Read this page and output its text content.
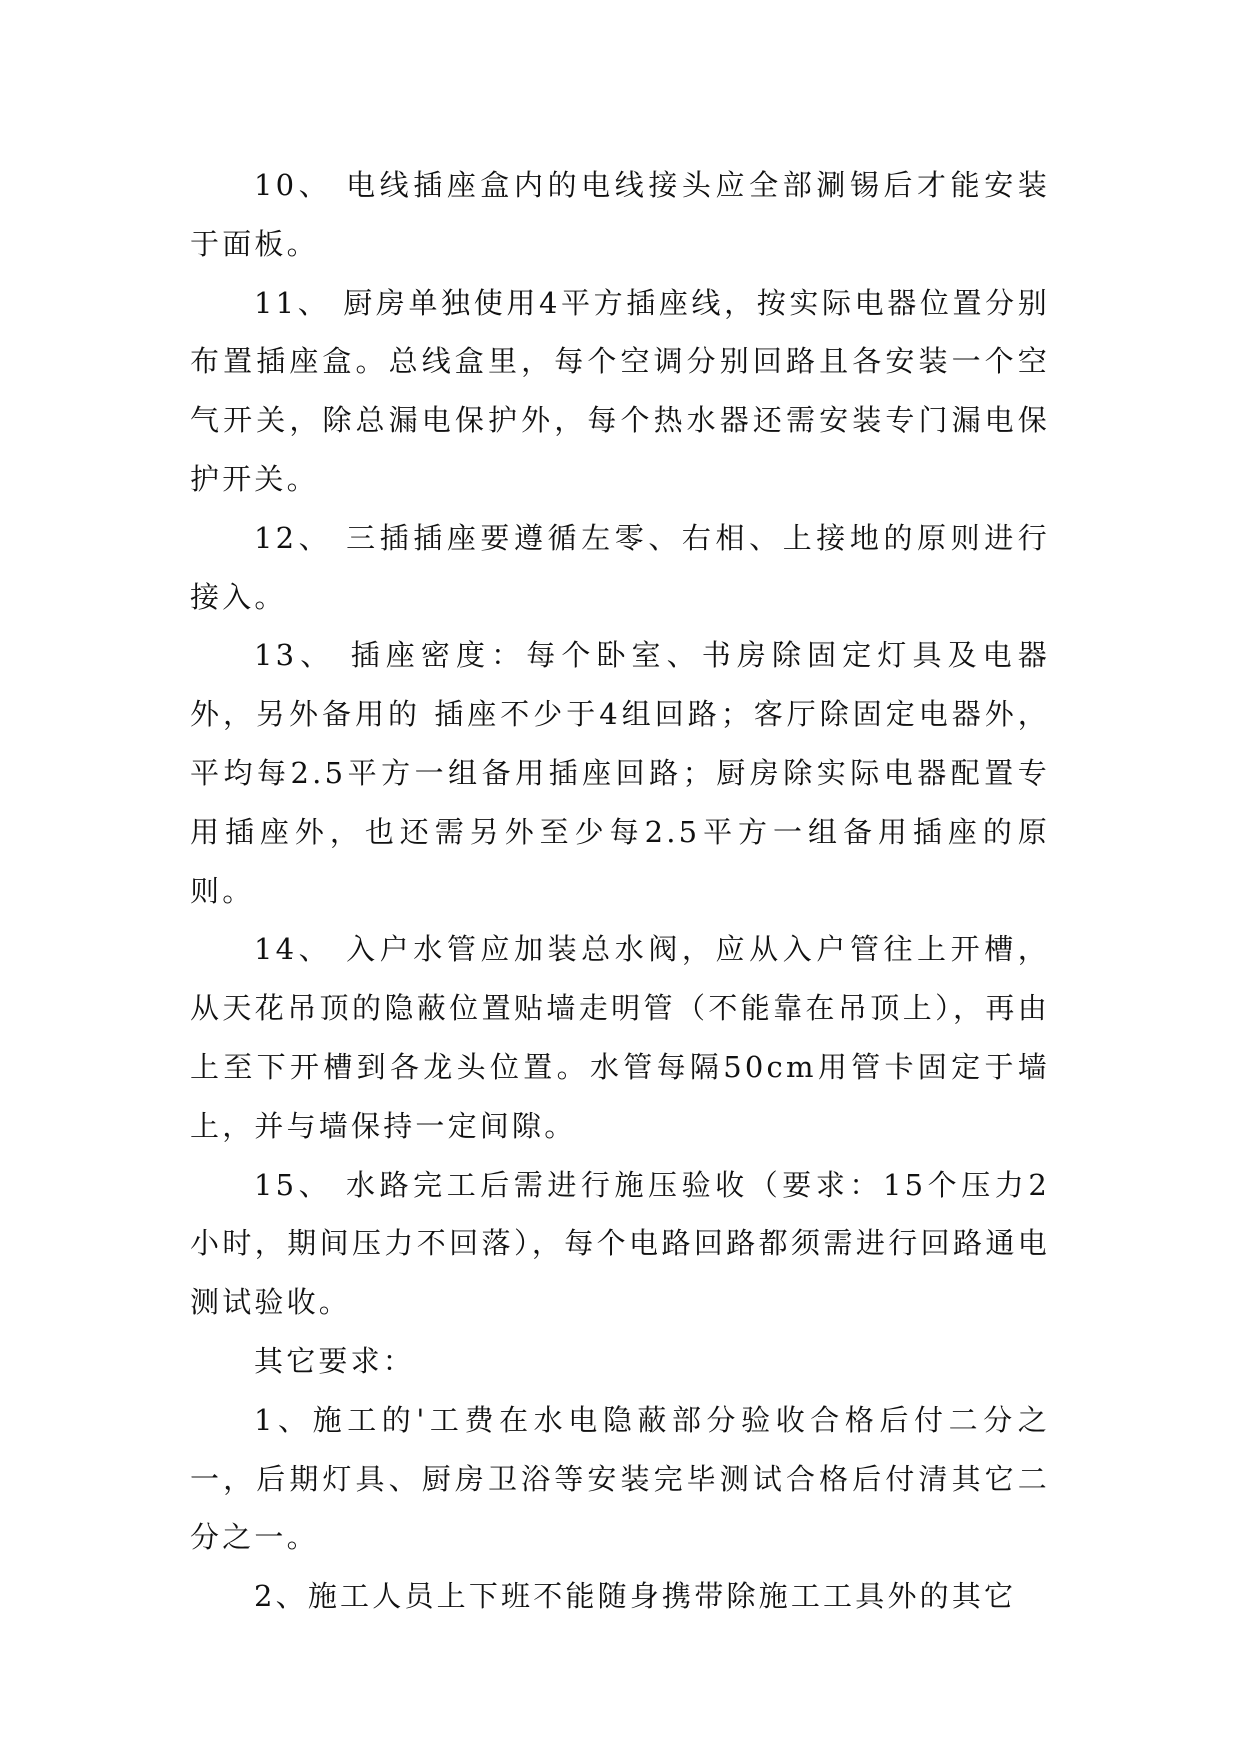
10、 电线插座盒内的电线接头应全部涮锡后才能安装于面板。

11、 厨房单独使用4平方插座线，按实际电器位置分别布置插座盒。总线盒里，每个空调分别回路且各安装一个空气开关，除总漏电保护外，每个热水器还需安装专门漏电保护开关。

12、 三插插座要遵循左零、右相、上接地的原则进行接入。

13、 插座密度：每个卧室、书房除固定灯具及电器外，另外备用的 插座不少于4组回路；客厅除固定电器外，平均每2.5平方一组备用插座回路；厨房除实际电器配置专用插座外，也还需另外至少每2.5平方一组备用插座的原则。

14、 入户水管应加装总水阀，应从入户管往上开槽，从天花吊顶的隐蔽位置贴墙走明管（不能靠在吊顶上），再由上至下开槽到各龙头位置。水管每隔50cm用管卡固定于墙上，并与墙保持一定间隙。

15、 水路完工后需进行施压验收（要求：15个压力2小时，期间压力不回落），每个电路回路都须需进行回路通电测试验收。

其它要求：

1、施工的'工费在水电隐蔽部分验收合格后付二分之一，后期灯具、厨房卫浴等安装完毕测试合格后付清其它二分之一。

2、施工人员上下班不能随身携带除施工工具外的其它
